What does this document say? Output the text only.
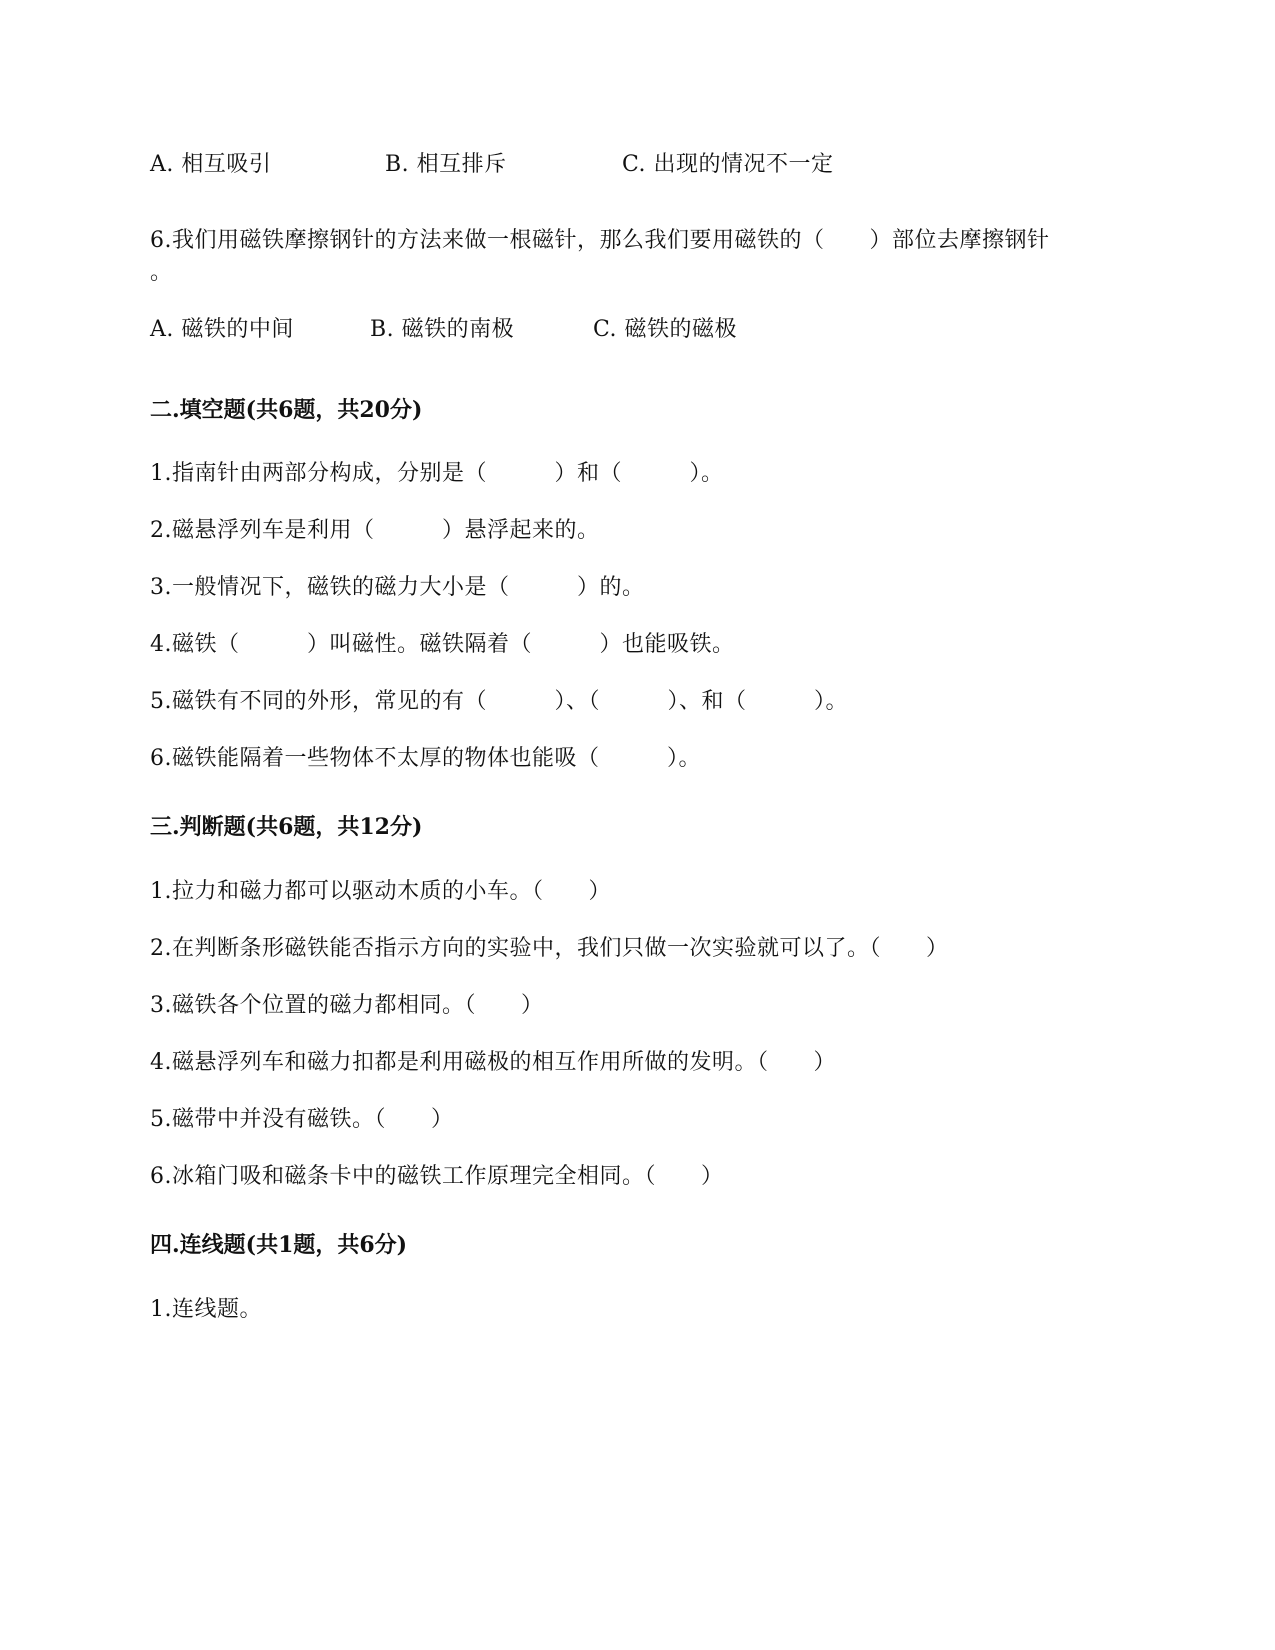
A. 相互吸引	B. 相互排斥	C. 出现的情况不一定
6.我们用磁铁摩擦钢针的方法来做一根磁针，那么我们要用磁铁的（　　）部位去摩擦钢针
。
A. 磁铁的中间	B. 磁铁的南极	C. 磁铁的磁极
二.填空题(共6题，共20分)
1.指南针由两部分构成，分别是（　　　）和（　　　）。
2.磁悬浮列车是利用（　　　）悬浮起来的。
3.一般情况下，磁铁的磁力大小是（　　　）的。
4.磁铁（　　　）叫磁性。磁铁隔着（　　　）也能吸铁。
5.磁铁有不同的外形，常见的有（　　　）、（　　　）、和（　　　）。
6.磁铁能隔着一些物体不太厚的物体也能吸（　　　）。
三.判断题(共6题，共12分)
1.拉力和磁力都可以驱动木质的小车。（　　）
2.在判断条形磁铁能否指示方向的实验中，我们只做一次实验就可以了。（　　）
3.磁铁各个位置的磁力都相同。（　　）
4.磁悬浮列车和磁力扣都是利用磁极的相互作用所做的发明。（　　）
5.磁带中并没有磁铁。（　　）
6.冰箱门吸和磁条卡中的磁铁工作原理完全相同。（　　）
四.连线题(共1题，共6分)
1.连线题。
